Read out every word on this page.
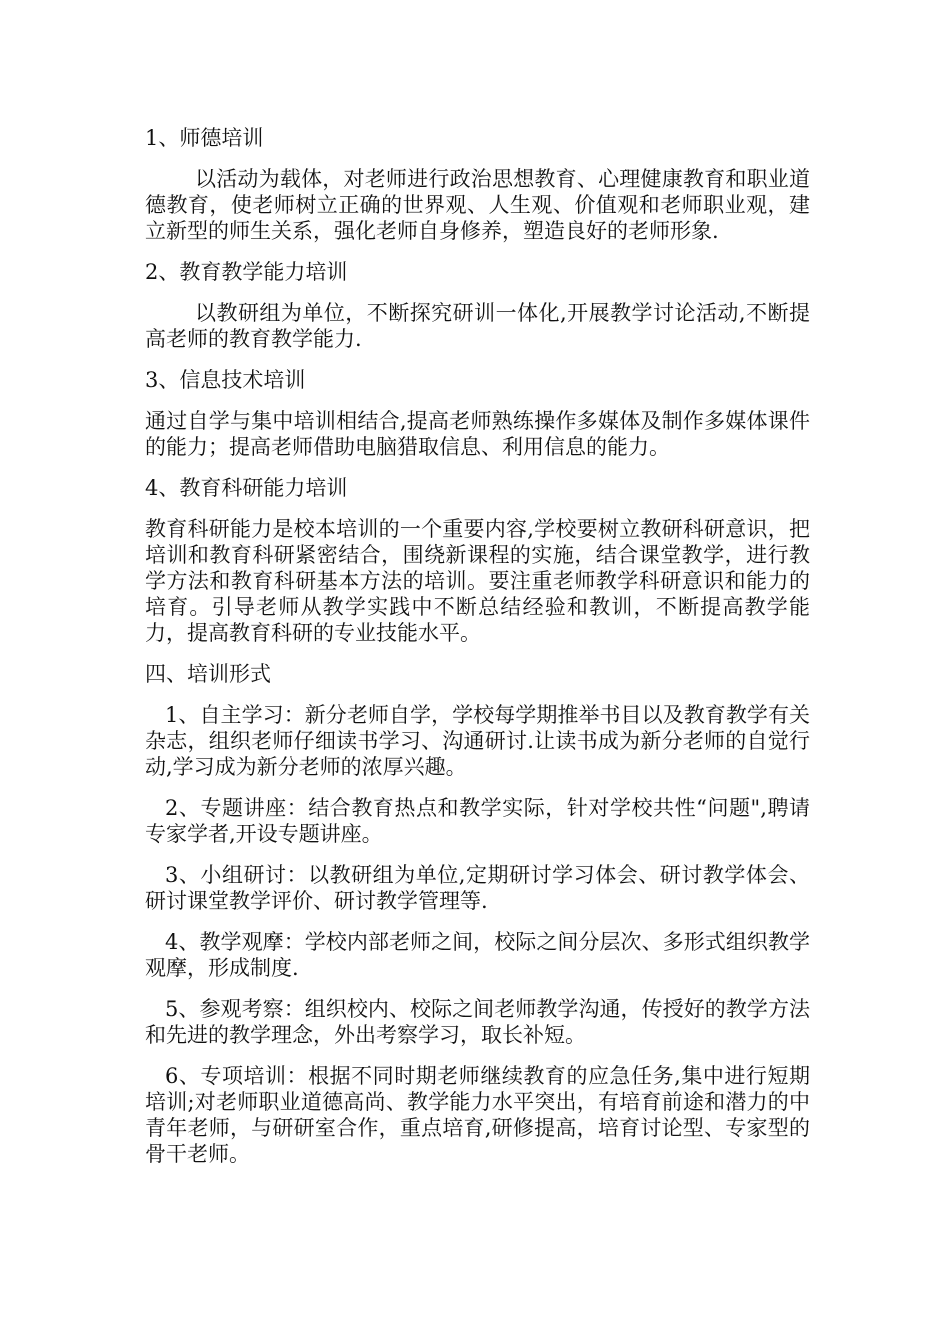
1、师德培训
以活动为载体，对老师进行政治思想教育、心理健康教育和职业道德教育，使老师树立正确的世界观、人生观、价值观和老师职业观，建立新型的师生关系，强化老师自身修养，塑造良好的老师形象.
2、教育教学能力培训
以教研组为单位，不断探究研训一体化,开展教学讨论活动,不断提高老师的教育教学能力.
3、信息技术培训
通过自学与集中培训相结合,提高老师熟练操作多媒体及制作多媒体课件的能力；提高老师借助电脑猎取信息、利用信息的能力。
4、教育科研能力培训
教育科研能力是校本培训的一个重要内容,学校要树立教研科研意识，把培训和教育科研紧密结合，围绕新课程的实施，结合课堂教学，进行教学方法和教育科研基本方法的培训。要注重老师教学科研意识和能力的培育。引导老师从教学实践中不断总结经验和教训，不断提高教学能力，提高教育科研的专业技能水平。
四、培训形式
1、自主学习：新分老师自学，学校每学期推举书目以及教育教学有关杂志，组织老师仔细读书学习、沟通研讨.让读书成为新分老师的自觉行动,学习成为新分老师的浓厚兴趣。
2、专题讲座：结合教育热点和教学实际，针对学校共性“问题",聘请专家学者,开设专题讲座。
3、小组研讨：以教研组为单位,定期研讨学习体会、研讨教学体会、研讨课堂教学评价、研讨教学管理等.
4、教学观摩：学校内部老师之间，校际之间分层次、多形式组织教学观摩，形成制度.
5、参观考察：组织校内、校际之间老师教学沟通，传授好的教学方法和先进的教学理念，外出考察学习，取长补短。
6、专项培训：根据不同时期老师继续教育的应急任务,集中进行短期培训;对老师职业道德高尚、教学能力水平突出，有培育前途和潜力的中青年老师，与研研室合作，重点培育,研修提高，培育讨论型、专家型的骨干老师。
